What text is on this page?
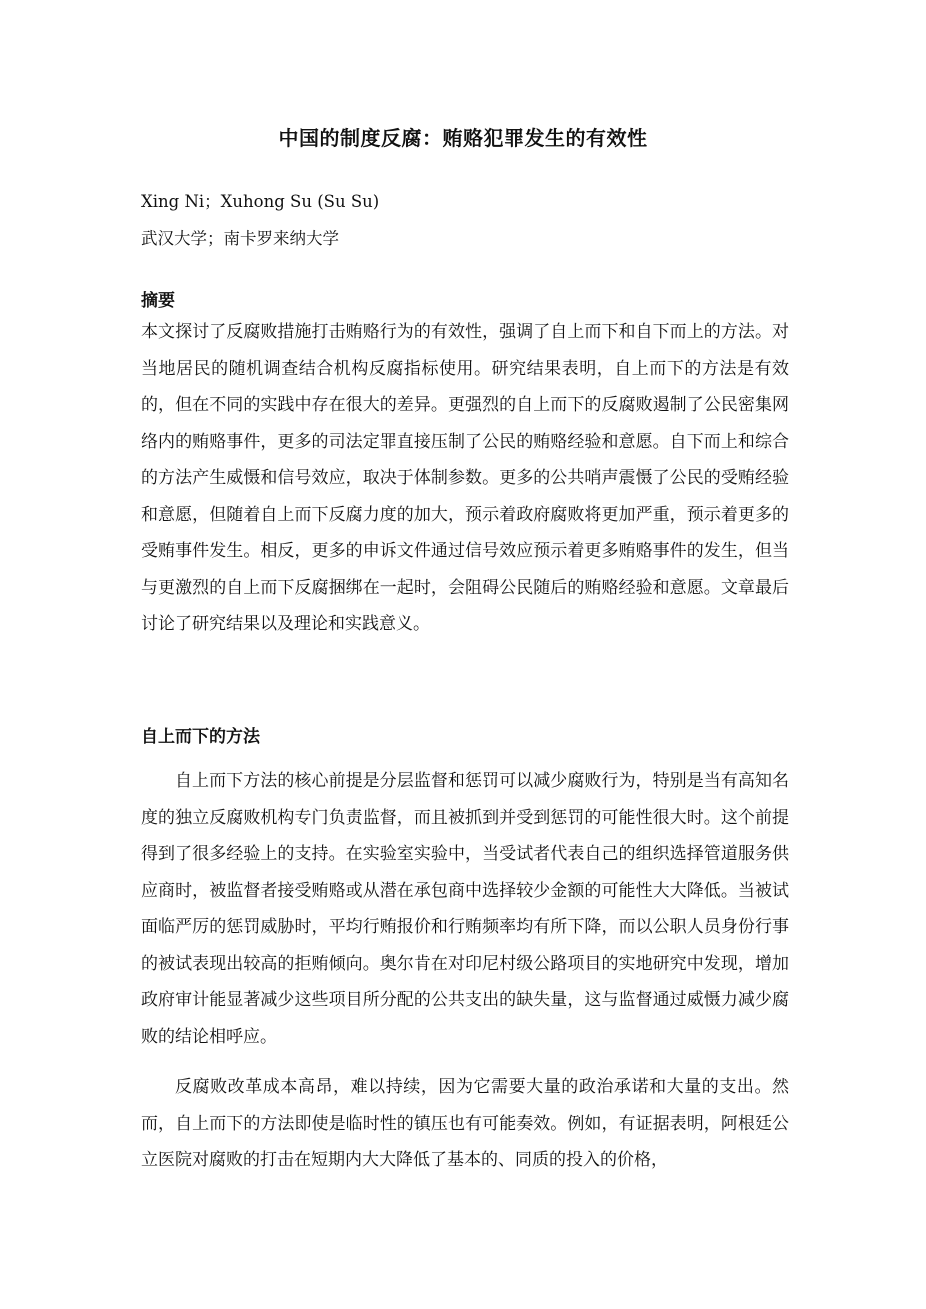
中国的制度反腐：贿赂犯罪发生的有效性
Xing Ni；Xuhong Su (Su Su)
武汉大学；南卡罗来纳大学
摘要

本文探讨了反腐败措施打击贿赂行为的有效性，强调了自上而下和自下而上的方法。对当地居民的随机调查结合机构反腐指标使用。研究结果表明，自上而下的方法是有效的，但在不同的实践中存在很大的差异。更强烈的自上而下的反腐败遏制了公民密集网络内的贿赂事件，更多的司法定罪直接压制了公民的贿赂经验和意愿。自下而上和综合的方法产生威慑和信号效应，取决于体制参数。更多的公共哨声震慑了公民的受贿经验和意愿，但随着自上而下反腐力度的加大，预示着政府腐败将更加严重，预示着更多的受贿事件发生。相反，更多的申诉文件通过信号效应预示着更多贿赂事件的发生，但当与更激烈的自上而下反腐捆绑在一起时，会阻碍公民随后的贿赂经验和意愿。文章最后讨论了研究结果以及理论和实践意义。

自上而下的方法

自上而下方法的核心前提是分层监督和惩罚可以减少腐败行为，特别是当有高知名度的独立反腐败机构专门负责监督，而且被抓到并受到惩罚的可能性很大时。这个前提得到了很多经验上的支持。在实验室实验中，当受试者代表自己的组织选择管道服务供应商时，被监督者接受贿赂或从潜在承包商中选择较少金额的可能性大大降低。当被试面临严厉的惩罚威胁时，平均行贿报价和行贿频率均有所下降，而以公职人员身份行事的被试表现出较高的拒贿倾向。奥尔肯在对印尼村级公路项目的实地研究中发现，增加政府审计能显著减少这些项目所分配的公共支出的缺失量，这与监督通过威慑力减少腐败的结论相呼应。

反腐败改革成本高昂，难以持续，因为它需要大量的政治承诺和大量的支出。然而，自上而下的方法即使是临时性的镇压也有可能奏效。例如，有证据表明，阿根廷公立医院对腐败的打击在短期内大大降低了基本的、同质的投入的价格，
